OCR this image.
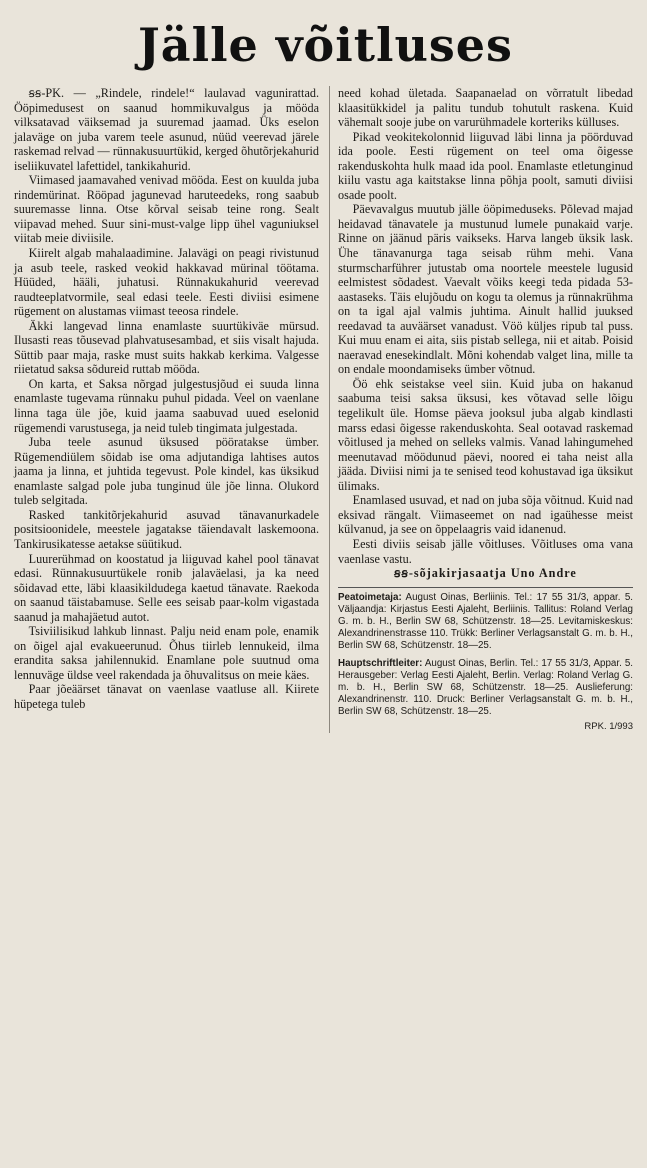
Jälle võitluses

ꞩꞩ-PK. — „Rindele, rindele!“ laulavad vagunirattad. Ööpimedusest on saanud hommikuvalgus ja mööda vilksatavad väiksemad ja suuremad jaamad. Üks eselon jalaväge on juba varem teele asunud, nüüd veerevad järele raskemad relvad — rünnakusuurtükid, kerged õhutõrjekahurid iseliikuvatel lafettidel, tankikahurid.

Viimased jaamavahed venivad mööda. Eest on kuulda juba rindemürinat. Rööpad jagunevad harutеedeks, rong saabub suuremasse linna. Otse kõrval seisab teine rong. Sealt viipavad mehed. Suur sini-must-valge lipp ühel vaguniuksel viitab meie diviisile.

Kiirelt algab mahalaadimine. Jalavägi on peagi rivistunud ja asub teele, rasked veokid hakkavad mürinal töötama. Hüüded, hääli, juhatusi. Rünnakukahurid veerevad raudteeplatvormile, seal edasi teele. Eesti diviisi esimene rügement on alustamas viimast teeosa rindele.

Äkki langevad linna enamlaste suurtükiväe mürsud. Ilusasti reas tõusevad plahvatusesambad, et siis visalt hajuda. Süttib paar maja, raske must suits hakkab kerkima. Valgesse riietatud saksa sõdureid ruttab mööda.

On karta, et Saksa nõrgad julgestusjõud ei suuda linna enamlaste tugevama rünnaku puhul pidada. Veel on vaenlane linna taga üle jõe, kuid jaama saabuvad uued eselonid rügemendi varustusega, ja neid tuleb tingimata julgestada.

Juba teele asunud üksused pööratakse ümber. Rügemendiülem sõidab ise oma adjutandiga lahtises autos jaama ja linna, et juhtida tegevust. Pole kindel, kas üksikud enamlaste salgad pole juba tunginud üle jõe linna. Olukord tuleb selgitada.

Rasked tankitõrjekahurid asuvad tänavanurkadele positsioonidele, meestele jagatakse täiendavalt laskemoona. Tankirusikatesse aetakse süütikud.

Luurerühmad on koostatud ja liiguvad kahel pool tänavat edasi. Rünnakusuurtükele ronib jalaväelasi, ja ka need sõidavad ette, läbi klaasikildudega kaetud tänavate. Raekoda on saanud täistabamuse. Selle ees seisab paar-kolm vigastada saanud ja mahajäetud autot.

Tsiviilisikud lahkub linnast. Palju neid enam pole, enamik on õigel ajal evakueerunud. Õhus tiirleb lennukeid, ilma erandita saksa jahilennukid. Enamlane pole suutnud oma lennuväge üldse veel rakendada ja õhuvalitsus on meie käes.

Paar jõeäärset tänavat on vaenlase vaatluse all. Kiirete hüpetega tuleb

need kohad ületada. Saapanaelad on võrratult libedad klaasitükkidel ja palitu tundub tohutult raskena. Kuid vähemalt sooje jube on varurühmadele korteriks külluses.

Pikad veokitekolonnid liiguvad läbi linna ja pöörduvad ida poole. Eesti rügement on teel oma õigesse rakenduskohta hulk maad ida pool. Enamlaste etletunginud kiilu vastu aga kaitstakse linna põhja poolt, samuti diviisi osade poolt.

Päevavalgus muutub jälle ööpimeduseks. Põlevad majad heidavad tänavatele ja mustunud lumele punakaid varje. Rinne on jäänud päris vaikseks. Harva langeb üksik lask. Ühe tänavanurga taga seisab rühm mehi. Vana sturmscharführer jutustab oma noortele meestele lugusid eelmistest sõdadest. Vaevalt võiks keegi teda pidada 53-aastaseks. Täis elujõudu on kogu ta olemus ja rünnakrühma on ta igal ajal valmis juhtima. Ainult hallid juuksed reedavad ta auväärset vanadust. Vöö küljes ripub tal puss. Kui muu enam ei aita, siis pistab sellega, nii et aitab. Poisid naeravad enesekindlalt. Mõni kohendab valget lina, mille ta on endale moondamiseks ümber võtnud.

Öö ehk seistakse veel siin. Kuid juba on hakanud saabuma teisi saksa üksusi, kes võtavad selle lõigu tegelikult üle. Homse päeva jooksul juba algab kindlasti marss edasi õigesse rakenduskohta. Seal ootavad raskemad võitlused ja mehed on selleks valmis. Vanad lahingumehed meenutavad möödunud päevi, noored ei taha neist alla jääda. Diviisi nimi ja te senised teod kohustavad iga üksikut ülimaks.

Enamlased usuvad, et nad on juba sõja võitnud. Kuid nad eksivad rängalt. Viimaseemet on nad igaühesse meist külvanud, ja see on õppelaagris vaid idanenud.

Eesti diviis seisab jälle võitluses. Võitluses oma vana vaenlase vastu.

ꞩꞩ-sõjakirjasaatja Uno Andre

Peatoimetaja: August Oinas, Berliinis. Tel.: 17 55 31/3, appar. 5. Väljaandja: Kirjastus Eesti Ajaleht, Berliinis. Tallitus: Roland Verlag G. m. b. H., Berlin SW 68, Schützenstr. 18—25. Levitamiskeskus: Alexandrinenstrasse 110. Trükk: Berliner Verlagsanstalt G. m. b. H., Berlin SW 68, Schützenstr. 18—25.

Hauptschriftleiter: August Oinas, Berlin. Tel.: 17 55 31/3, Appar. 5. Herausgeber: Verlag Eesti Ajaleht, Berlin. Verlag: Roland Verlag G. m. b. H., Berlin SW 68, Schützenstr. 18—25. Auslieferung: Alexandrinenstr. 110. Druck: Berliner Verlagsanstalt G. m. b. H., Berlin SW 68, Schützenstr. 18—25.

RPK. 1/993
